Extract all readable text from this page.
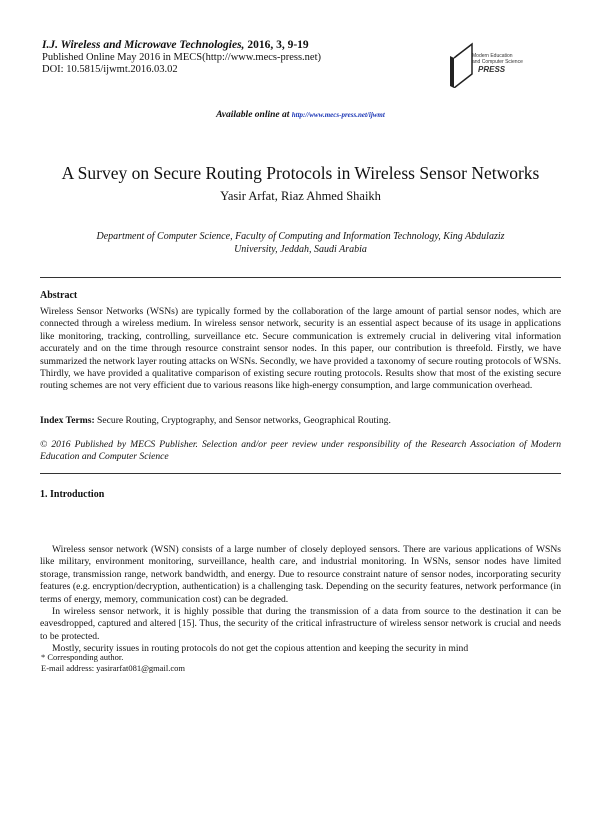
I.J. Wireless and Microwave Technologies, 2016, 3, 9-19
Published Online May 2016 in MECS(http://www.mecs-press.net)
DOI: 10.5815/ijwmt.2016.03.02
Modern Education
and Computer Science
PRESS
Available online at http://www.mecs-press.net/ijwmt
A Survey on Secure Routing Protocols in Wireless Sensor Networks
Yasir Arfat, Riaz Ahmed Shaikh
Department of Computer Science, Faculty of Computing and Information Technology, King Abdulaziz University, Jeddah, Saudi Arabia
Abstract

Wireless Sensor Networks (WSNs) are typically formed by the collaboration of the large amount of partial sensor nodes, which are connected through a wireless medium. In wireless sensor network, security is an essential aspect because of its usage in applications like monitoring, tracking, controlling, surveillance etc. Secure communication is extremely crucial in delivering vital information accurately and on the time through resource constraint sensor nodes. In this paper, our contribution is threefold. Firstly, we have summarized the network layer routing attacks on WSNs. Secondly, we have provided a taxonomy of secure routing protocols of WSNs. Thirdly, we have provided a qualitative comparison of existing secure routing protocols. Results show that most of the existing secure routing schemes are not very efficient due to various reasons like high-energy consumption, and large communication overhead.

Index Terms: Secure Routing, Cryptography, and Sensor networks, Geographical Routing.
© 2016 Published by MECS Publisher. Selection and/or peer review under responsibility of the Research Association of Modern Education and Computer Science
1. Introduction

Wireless sensor network (WSN) consists of a large number of closely deployed sensors. There are various applications of WSNs like military, environment monitoring, surveillance, health care, and industrial monitoring. In WSNs, sensor nodes have limited storage, transmission range, network bandwidth, and energy. Due to resource constraint nature of sensor nodes, incorporating security features (e.g. encryption/decryption, authentication) is a challenging task. Depending on the security features, network performance (in terms of energy, memory, communication cost) can be degraded.

In wireless sensor network, it is highly possible that during the transmission of a data from source to the destination it can be eavesdropped, captured and altered [15]. Thus, the security of the critical infrastructure of wireless sensor network is crucial and needs to be protected.

Mostly, security issues in routing protocols do not get the copious attention and keeping the security in mind

* Corresponding author.
E-mail address: yasirarfat081@gmail.com
